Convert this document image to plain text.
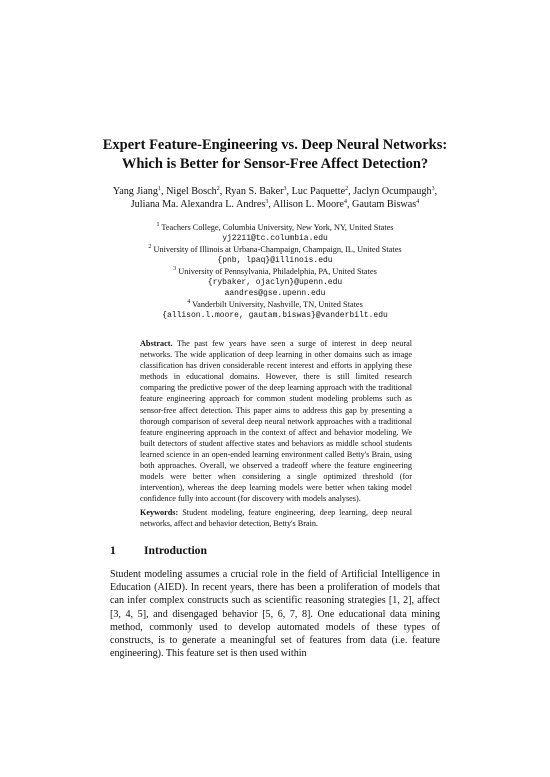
Expert Feature-Engineering vs. Deep Neural Networks:
Which is Better for Sensor-Free Affect Detection?
Yang Jiang$^1$, Nigel Bosch$^2$, Ryan S. Baker$^3$, Luc Paquette$^2$, Jaclyn Ocumpaugh$^3$,
Juliana Ma. Alexandra L. Andres$^3$, Allison L. Moore$^4$, Gautam Biswas$^4$
$^1$ Teachers College, Columbia University, New York, NY, United States
yj2211@tc.columbia.edu
$^2$ University of Illinois at Urbana-Champaign, Champaign, IL, United States
{pnb, lpaq}@illinois.edu
$^3$ University of Pennsylvania, Philadelphia, PA, United States
{rybaker, ojaclyn}@upenn.edu
aandres@gse.upenn.edu
$^4$ Vanderbilt University, Nashville, TN, United States
{allison.l.moore, gautam.biswas}@vanderbilt.edu

Abstract. The past few years have seen a surge of interest in deep neural networks. The wide application of deep learning in other domains such as image classification has driven considerable recent interest and efforts in applying these methods in educational domains. However, there is still limited research comparing the predictive power of the deep learning approach with the traditional feature engineering approach for common student modeling problems such as sensor-free affect detection. This paper aims to address this gap by presenting a thorough comparison of several deep neural network approaches with a traditional feature engineering approach in the context of affect and behavior modeling. We built detectors of student affective states and behaviors as middle school students learned science in an open-ended learning environment called Betty's Brain, using both approaches. Overall, we observed a tradeoff where the feature engineering models were better when considering a single optimized threshold (for intervention), whereas the deep learning models were better when taking model confidence fully into account (for discovery with models analyses).

Keywords: Student modeling, feature engineering, deep learning, deep neural networks, affect and behavior detection, Betty's Brain.

1 Introduction

Student modeling assumes a crucial role in the field of Artificial Intelligence in Education (AIED). In recent years, there has been a proliferation of models that can infer complex constructs such as scientific reasoning strategies [1, 2], affect [3, 4, 5], and disengaged behavior [5, 6, 7, 8]. One educational data mining method, commonly used to develop automated models of these types of constructs, is to generate a meaningful set of features from data (i.e. feature engineering). This feature set is then used within
